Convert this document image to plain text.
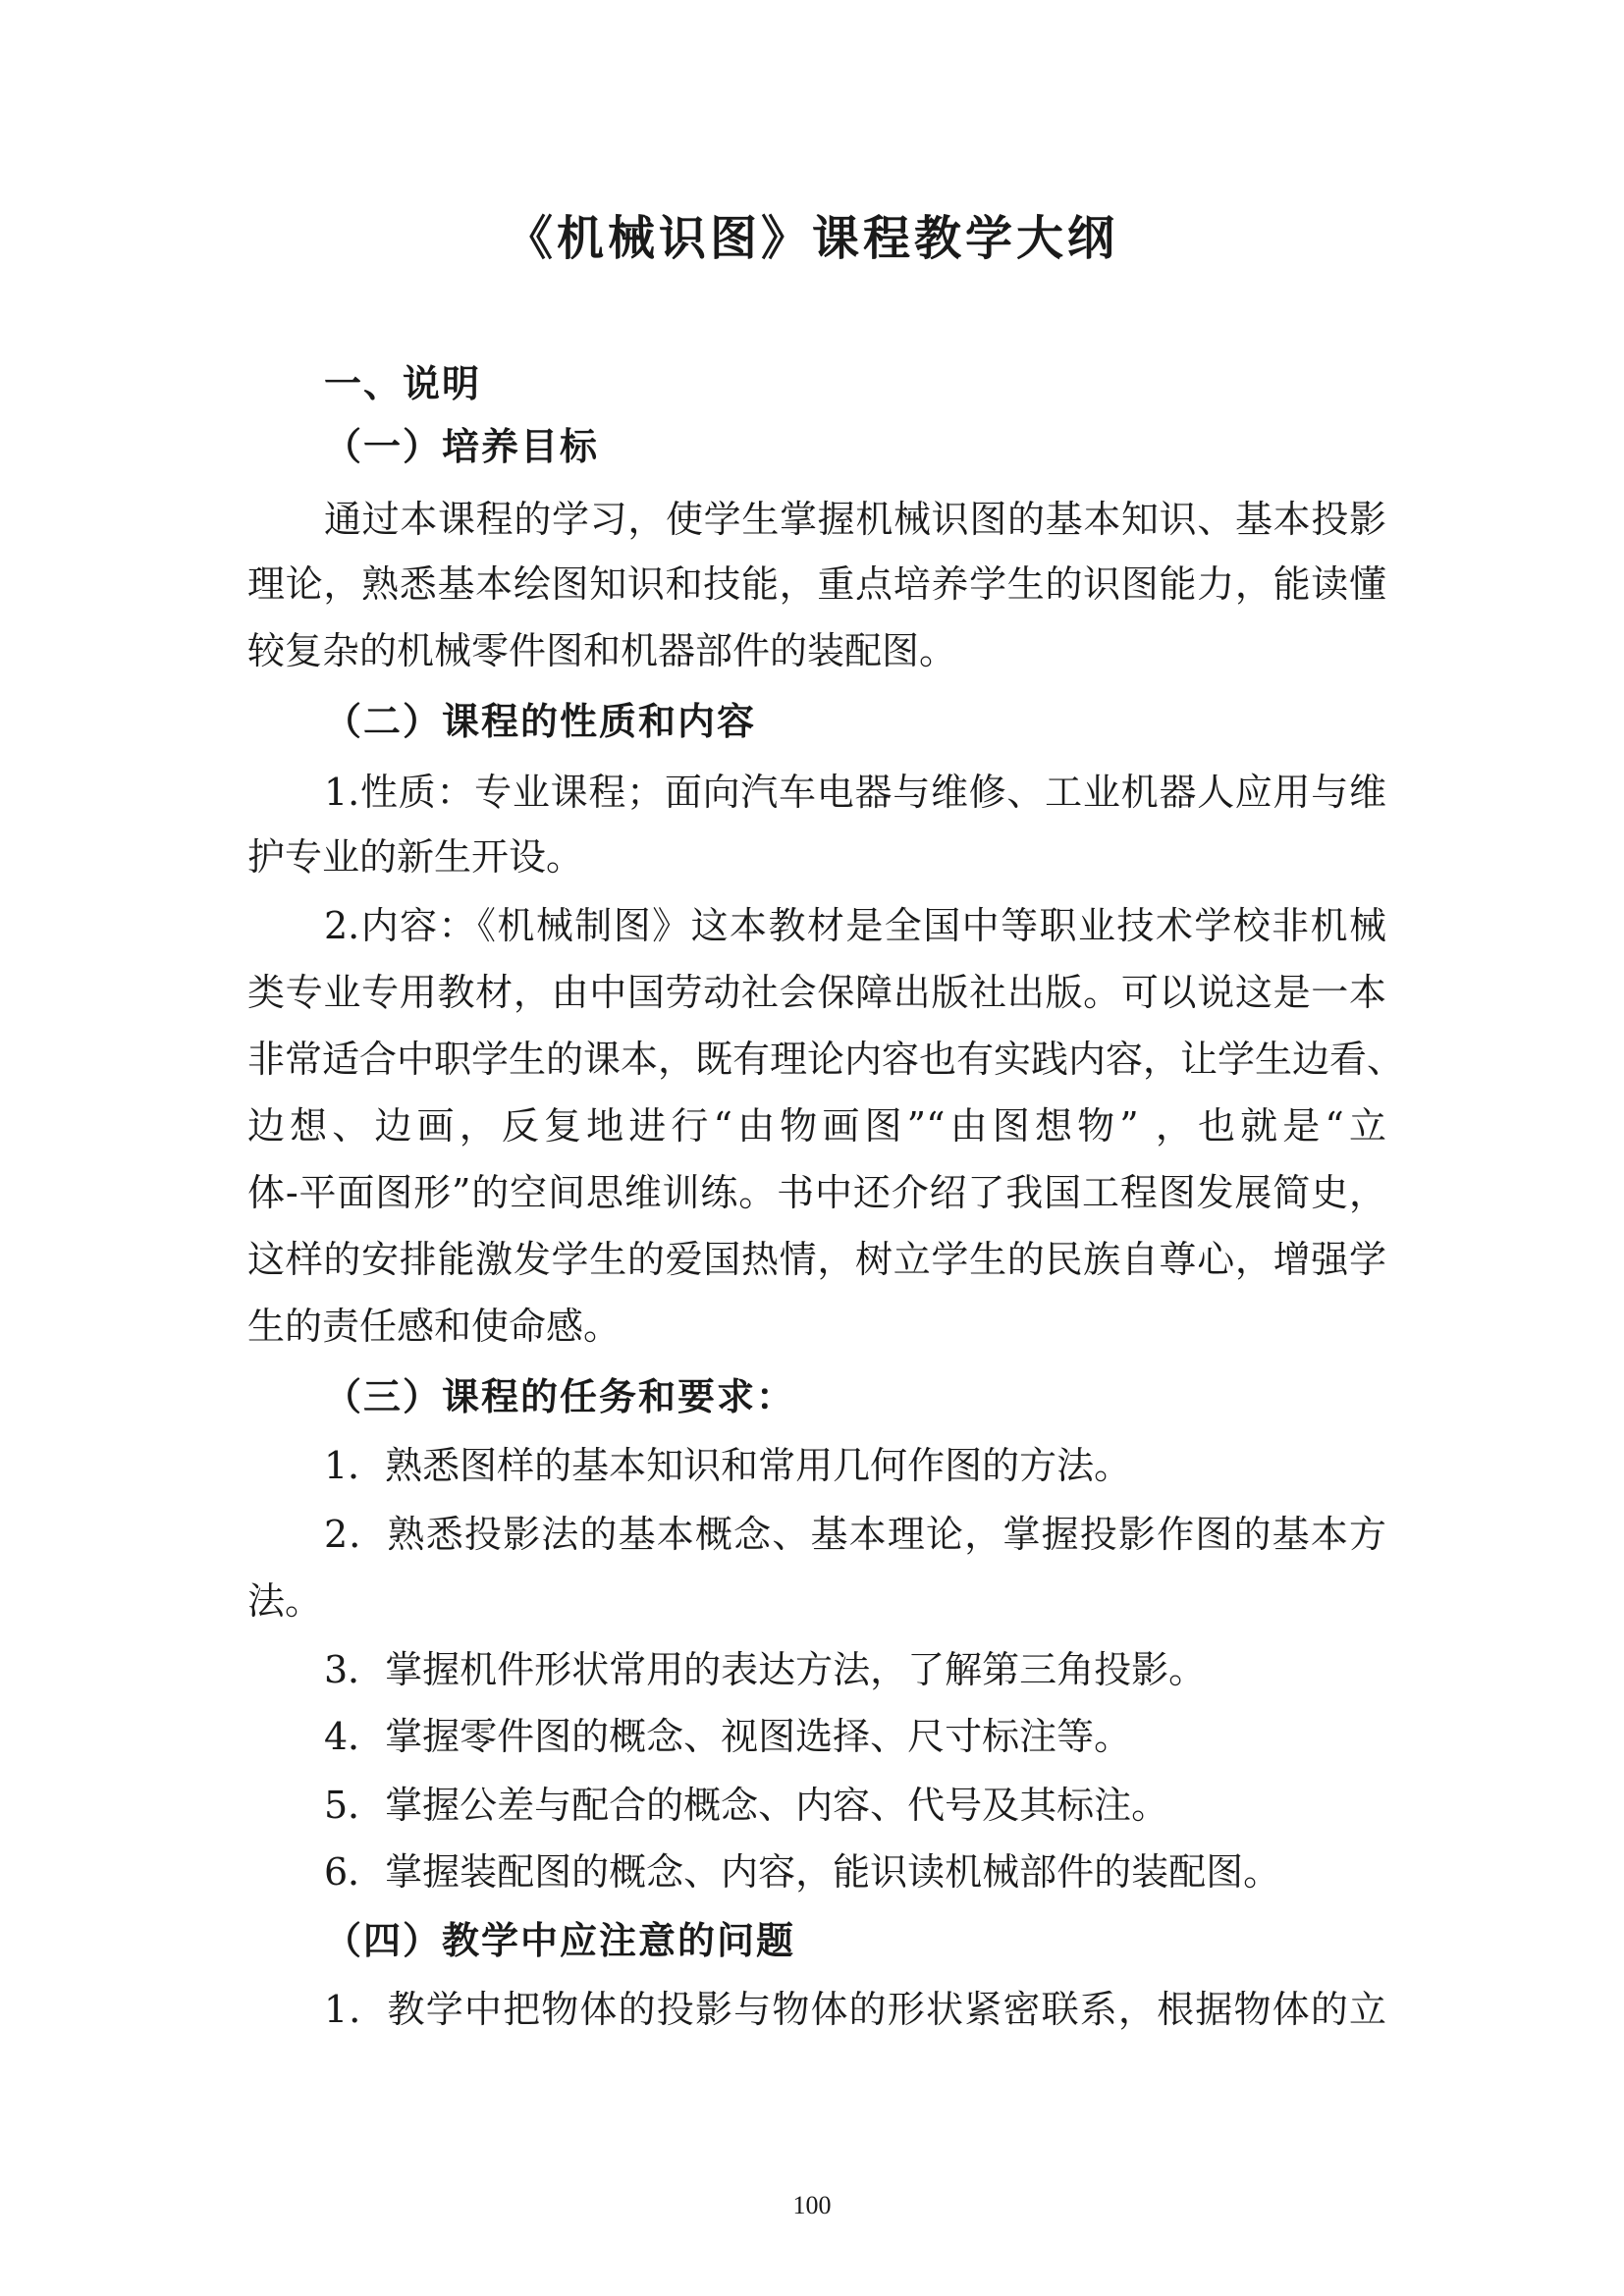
《机械识图》课程教学大纲
一、说明
（一）培养目标
通过本课程的学习，使学生掌握机械识图的基本知识、基本投影
理论，熟悉基本绘图知识和技能，重点培养学生的识图能力，能读懂
较复杂的机械零件图和机器部件的装配图。
（二）课程的性质和内容
1.性质：专业课程；面向汽车电器与维修、工业机器人应用与维
护专业的新生开设。
2.内容：《机械制图》这本教材是全国中等职业技术学校非机械
类专业专用教材，由中国劳动社会保障出版社出版。可以说这是一本
非常适合中职学生的课本，既有理论内容也有实践内容，让学生边看、
边想、边画，反复地进行“由物画图”“由图想物” ，也就是“立
体-平面图形”的空间思维训练。书中还介绍了我国工程图发展简史，
这样的安排能激发学生的爱国热情，树立学生的民族自尊心，增强学
生的责任感和使命感。
（三）课程的任务和要求：
1．熟悉图样的基本知识和常用几何作图的方法。
2．熟悉投影法的基本概念、基本理论，掌握投影作图的基本方
法。
3．掌握机件形状常用的表达方法，了解第三角投影。
4．掌握零件图的概念、视图选择、尺寸标注等。
5．掌握公差与配合的概念、内容、代号及其标注。
6．掌握装配图的概念、内容，能识读机械部件的装配图。
（四）教学中应注意的问题
1．教学中把物体的投影与物体的形状紧密联系，根据物体的立
100
